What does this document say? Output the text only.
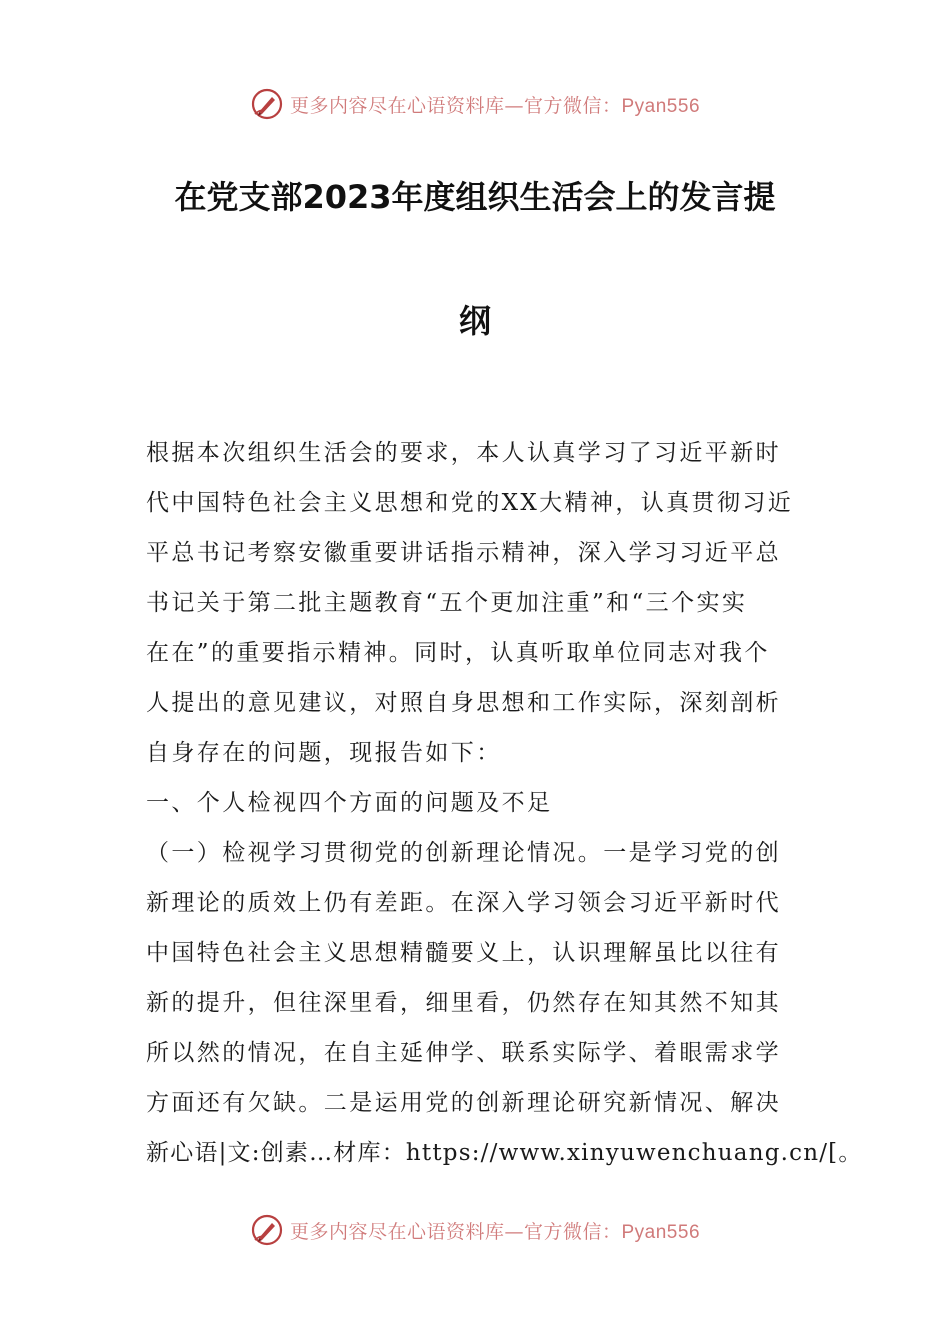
更多内容尽在心语资料库—官方微信：Pyan556
在党支部2023年度组织生活会上的发言提
纲
根据本次组织生活会的要求，本人认真学习了习近平新时
代中国特色社会主义思想和党的XX大精神，认真贯彻习近
平总书记考察安徽重要讲话指示精神，深入学习习近平总
书记关于第二批主题教育“五个更加注重”和“三个实实
在在”的重要指示精神。同时，认真听取单位同志对我个
人提出的意见建议，对照自身思想和工作实际，深刻剖析
自身存在的问题，现报告如下：
一、个人检视四个方面的问题及不足
（一）检视学习贯彻党的创新理论情况。一是学习党的创
新理论的质效上仍有差距。在深入学习领会习近平新时代
中国特色社会主义思想精髓要义上，认识理解虽比以往有
新的提升，但往深里看，细里看，仍然存在知其然不知其
所以然的情况，在自主延伸学、联系实际学、着眼需求学
方面还有欠缺。二是运用党的创新理论研究新情况、解决
新心语|文:创素…材库：https://www.xinyuwenchuang.cn/[。
更多内容尽在心语资料库—官方微信：Pyan556
